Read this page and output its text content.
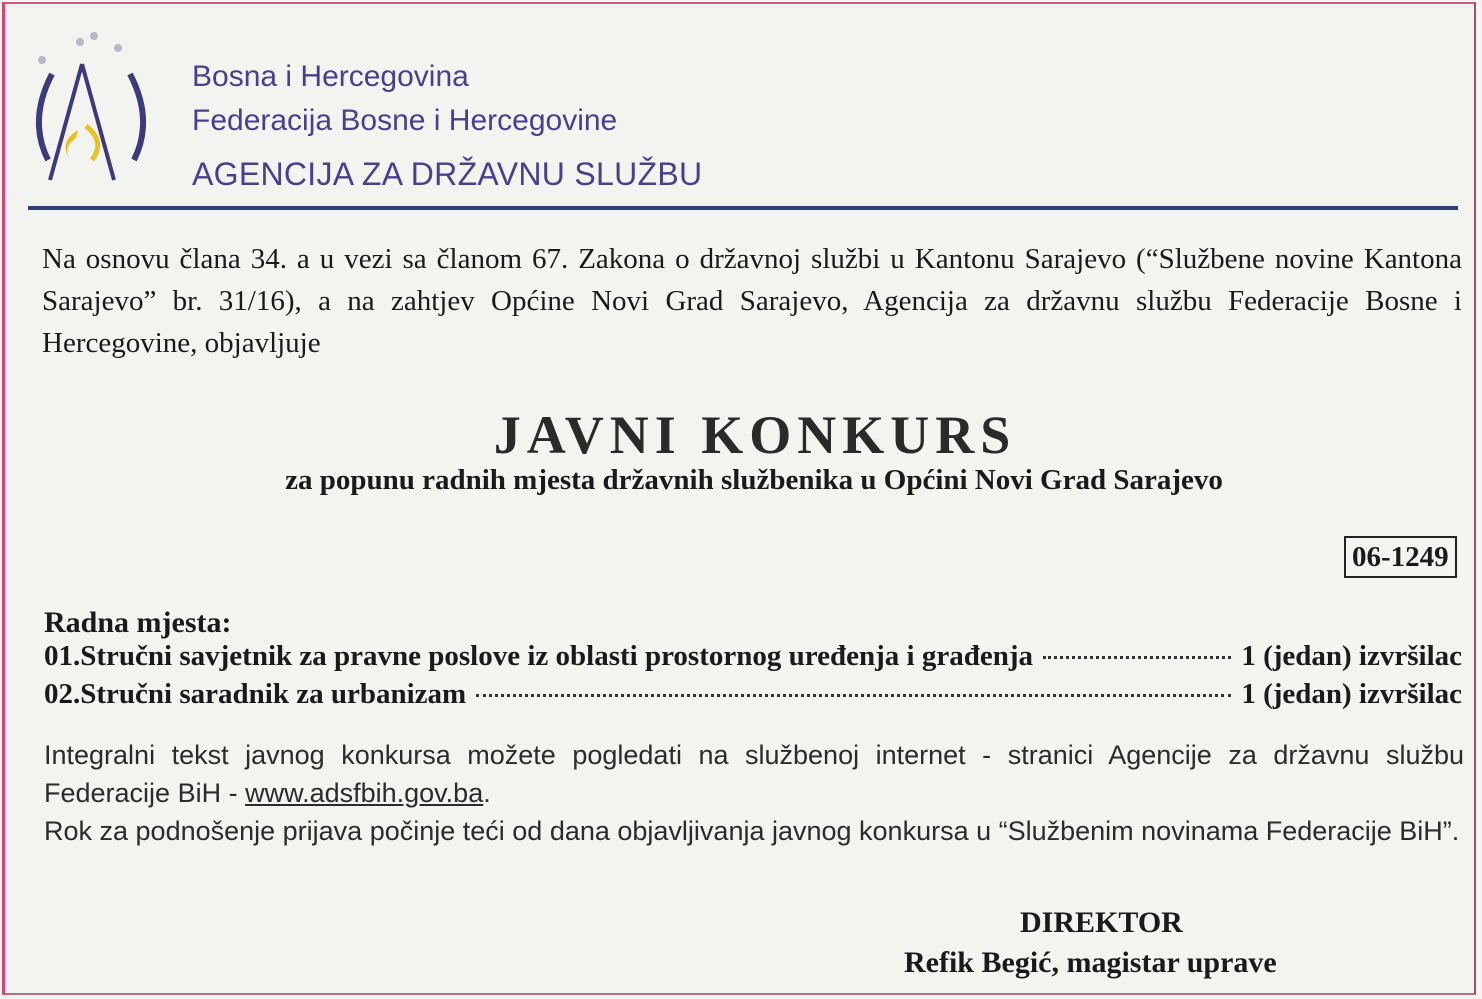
Bosna i Hercegovina
Federacija Bosne i Hercegovine
AGENCIJA ZA DRŽAVNU SLUŽBU
Na osnovu člana 34. a u vezi sa članom 67. Zakona o državnoj službi u Kantonu Sarajevo (“Službene novine Kantona Sarajevo” br. 31/16), a na zahtjev Općine Novi Grad Sarajevo, Agencija za državnu službu Federacije Bosne i Hercegovine, objavljuje
JAVNI KONKURS
za popunu radnih mjesta državnih službenika u Općini Novi Grad Sarajevo
06-1249
Radna mjesta:
01.Stručni savjetnik za pravne poslove iz oblasti prostornog uređenja i građenja	1 (jedan) izvršilac
02.Stručni saradnik za urbanizam	1 (jedan) izvršilac
Integralni tekst javnog konkursa možete pogledati na službenoj internet - stranici Agencije za državnu službu Federacije BiH - www.adsfbih.gov.ba.
Rok za podnošenje prijava počinje teći od dana objavljivanja javnog konkursa u “Službenim novinama Federacije BiH”.
DIREKTOR
Refik Begić, magistar uprave
